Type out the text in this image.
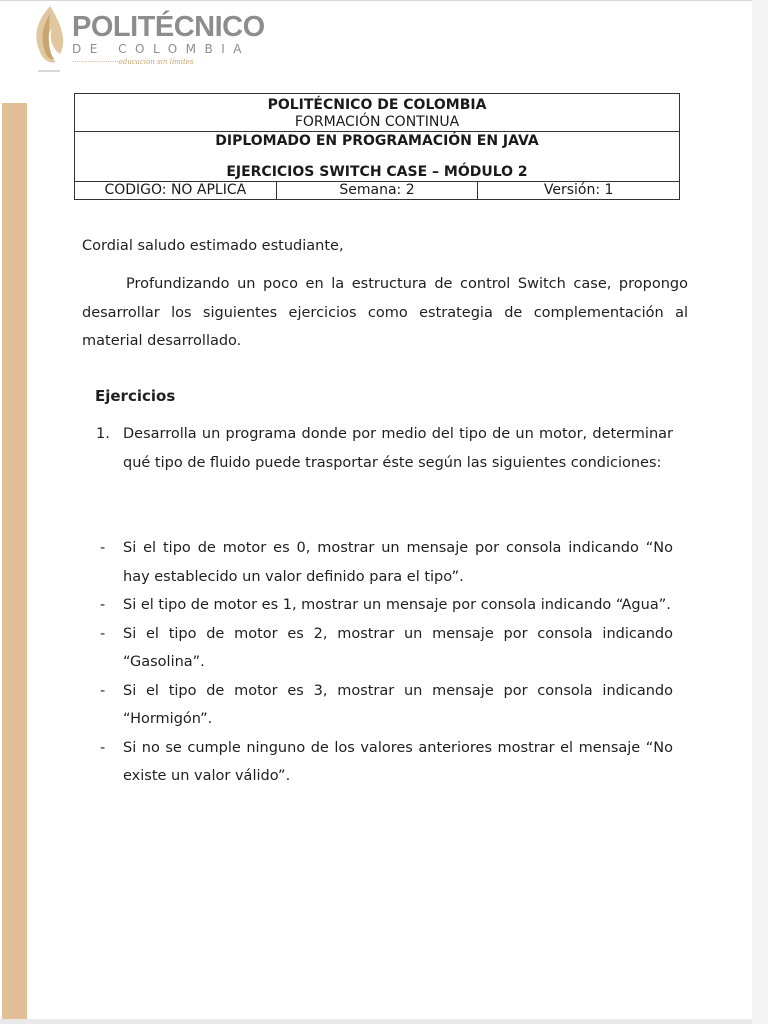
POLITÉCNICO
DE COLOMBIA
·····················educación sin límites
POLITÉCNICO DE COLOMBIA
FORMACIÓN CONTINUA

DIPLOMADO EN PROGRAMACIÓN EN JAVA
EJERCICIOS SWITCH CASE – MÓDULO 2

CODIGO: NO APLICA	Semana: 2	Versión: 1
Cordial saludo estimado estudiante,
Profundizando un poco en la estructura de control Switch case, propongo desarrollar los siguientes ejercicios como estrategia de complementación al material desarrollado.
Ejercicios
1. Desarrolla un programa donde por medio del tipo de un motor, determinar qué tipo de fluido puede trasportar éste según las siguientes condiciones:
- Si el tipo de motor es 0, mostrar un mensaje por consola indicando “No hay establecido un valor definido para el tipo”.
- Si el tipo de motor es 1, mostrar un mensaje por consola indicando “Agua”.
- Si el tipo de motor es 2, mostrar un mensaje por consola indicando “Gasolina”.
- Si el tipo de motor es 3, mostrar un mensaje por consola indicando “Hormigón”.
- Si no se cumple ninguno de los valores anteriores mostrar el mensaje “No existe un valor válido”.
